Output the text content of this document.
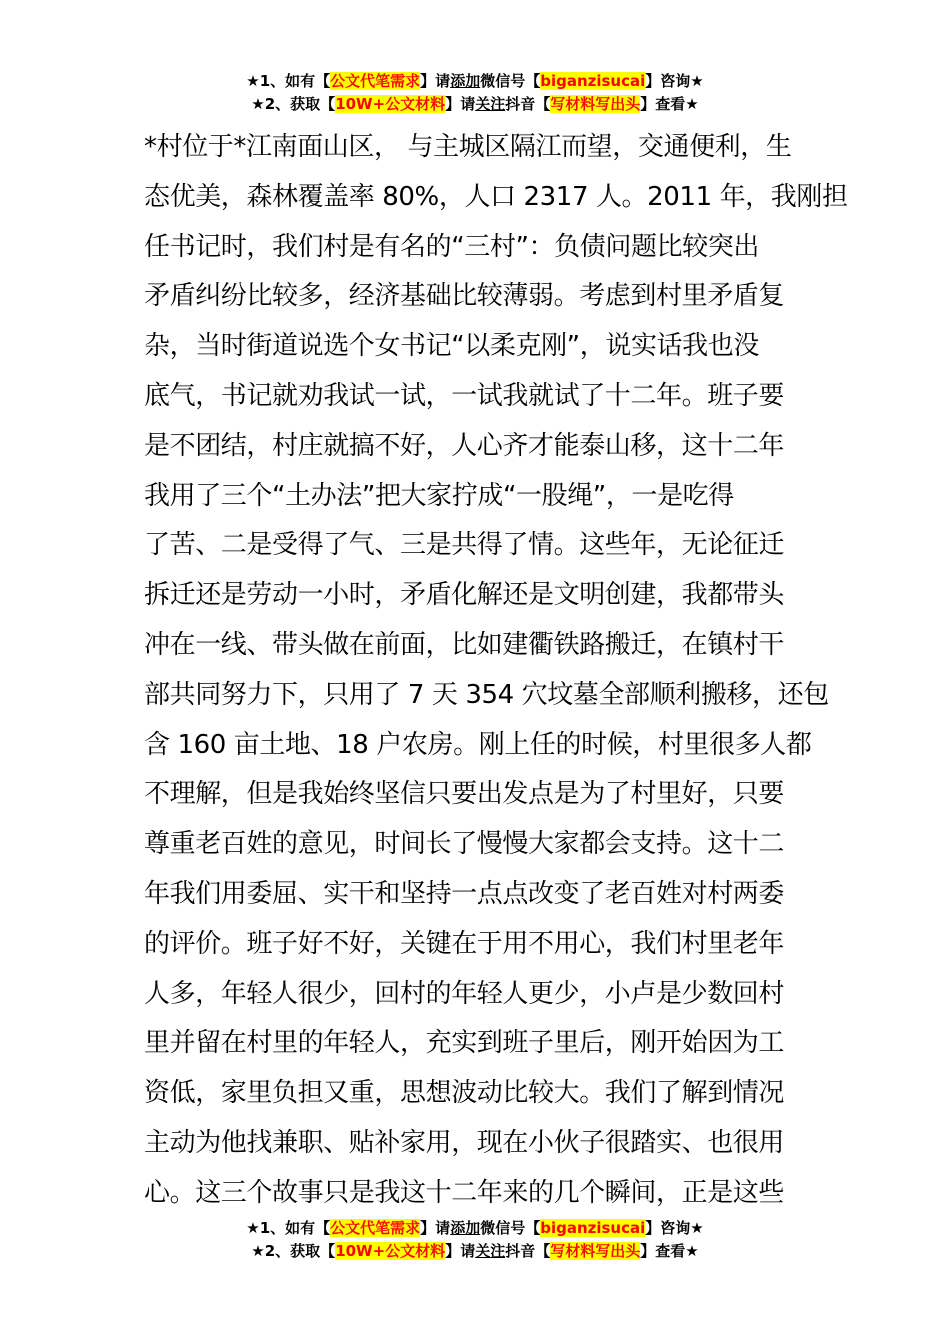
★1、如有【公文代笔需求】请添加微信号【biganzisucai】咨询★
★2、获取【10W+公文材料】请关注抖音【写材料写出头】查看★
*村位于*江南面山区， 与主城区隔江而望，交通便利，生
态优美，森林覆盖率 80%，人口 2317 人。2011 年，我刚担
任书记时，我们村是有名的“三村”：负债问题比较突出
矛盾纠纷比较多，经济基础比较薄弱。考虑到村里矛盾复
杂，当时街道说选个女书记“以柔克刚”，说实话我也没
底气，书记就劝我试一试，一试我就试了十二年。班子要
是不团结，村庄就搞不好，人心齐才能泰山移，这十二年
我用了三个“土办法”把大家拧成“一股绳”，一是吃得
了苦、二是受得了气、三是共得了情。这些年，无论征迁
拆迁还是劳动一小时，矛盾化解还是文明创建，我都带头
冲在一线、带头做在前面，比如建衢铁路搬迁，在镇村干
部共同努力下，只用了 7 天 354 穴坟墓全部顺利搬移，还包
含 160 亩土地、18 户农房。刚上任的时候，村里很多人都
不理解，但是我始终坚信只要出发点是为了村里好，只要
尊重老百姓的意见，时间长了慢慢大家都会支持。这十二
年我们用委屈、实干和坚持一点点改变了老百姓对村两委
的评价。班子好不好，关键在于用不用心，我们村里老年
人多，年轻人很少，回村的年轻人更少，小卢是少数回村
里并留在村里的年轻人，充实到班子里后，刚开始因为工
资低，家里负担又重，思想波动比较大。我们了解到情况
主动为他找兼职、贴补家用，现在小伙子很踏实、也很用
心。这三个故事只是我这十二年来的几个瞬间，正是这些
★1、如有【公文代笔需求】请添加微信号【biganzisucai】咨询★
★2、获取【10W+公文材料】请关注抖音【写材料写出头】查看★
